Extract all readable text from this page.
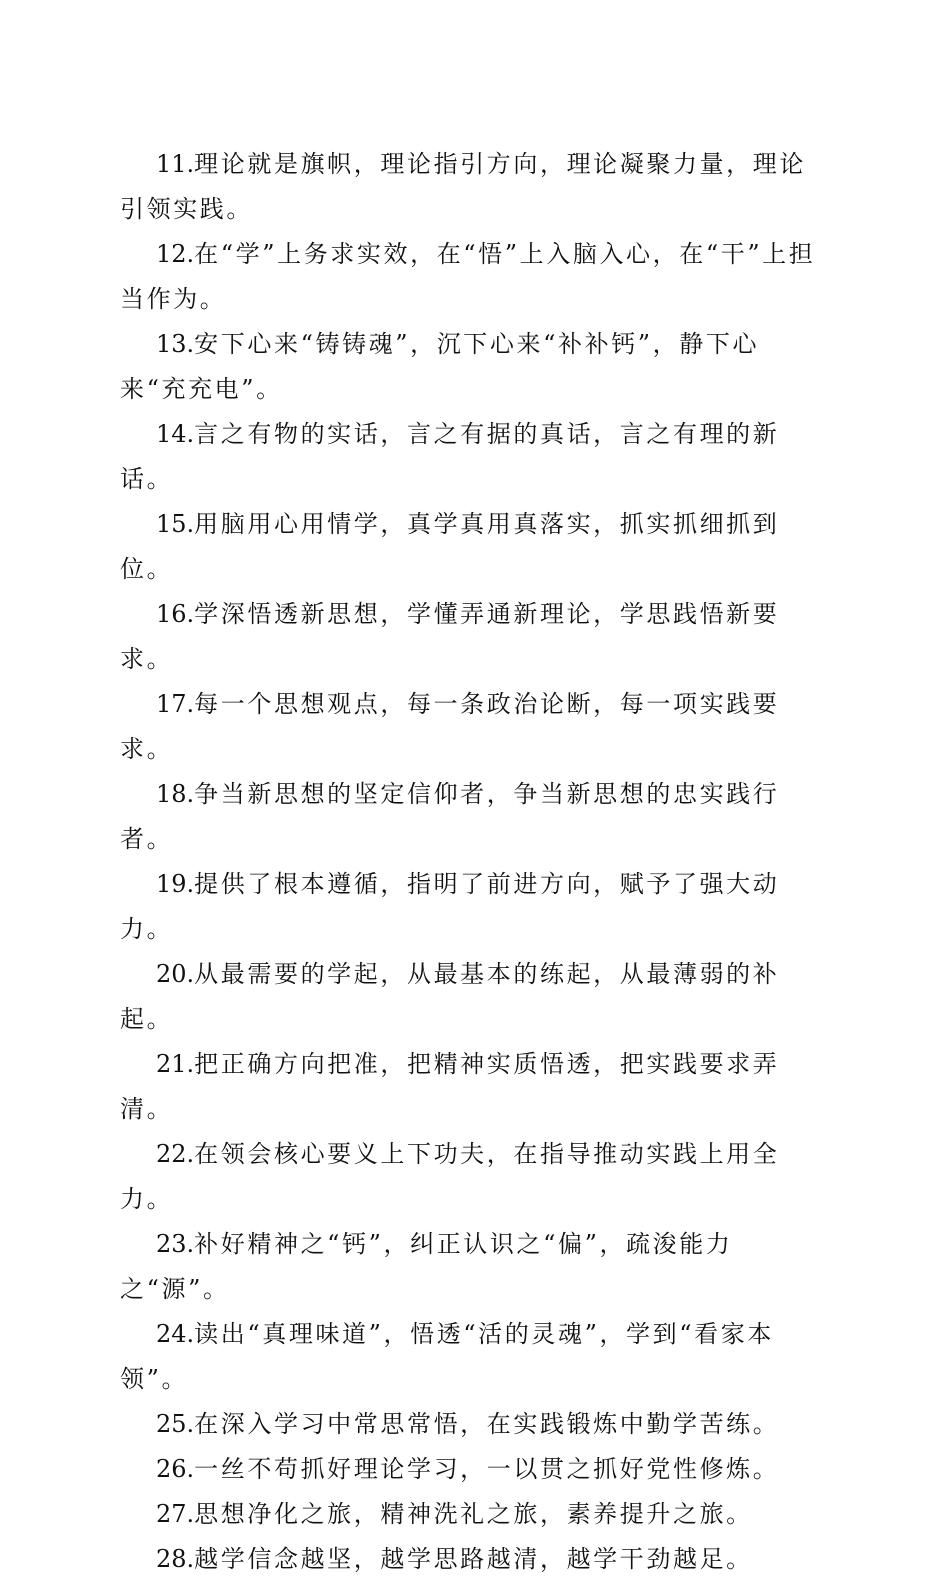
11.理论就是旗帜，理论指引方向，理论凝聚力量，理论引领实践。

12.在“学”上务求实效，在“悟”上入脑入心，在“干”上担当作为。

13.安下心来“铸铸魂”，沉下心来“补补钙”，静下心来“充充电”。

14.言之有物的实话，言之有据的真话，言之有理的新话。

15.用脑用心用情学，真学真用真落实，抓实抓细抓到位。

16.学深悟透新思想，学懂弄通新理论，学思践悟新要求。

17.每一个思想观点，每一条政治论断，每一项实践要求。

18.争当新思想的坚定信仰者，争当新思想的忠实践行者。

19.提供了根本遵循，指明了前进方向，赋予了强大动力。

20.从最需要的学起，从最基本的练起，从最薄弱的补起。

21.把正确方向把准，把精神实质悟透，把实践要求弄清。

22.在领会核心要义上下功夫，在指导推动实践上用全力。

23.补好精神之“钙”，纠正认识之“偏”，疏浚能力之“源”。

24.读出“真理味道”，悟透“活的灵魂”，学到“看家本领”。

25.在深入学习中常思常悟，在实践锻炼中勤学苦练。

26.一丝不苟抓好理论学习，一以贯之抓好党性修炼。

27.思想净化之旅，精神洗礼之旅，素养提升之旅。

28.越学信念越坚，越学思路越清，越学干劲越足。
